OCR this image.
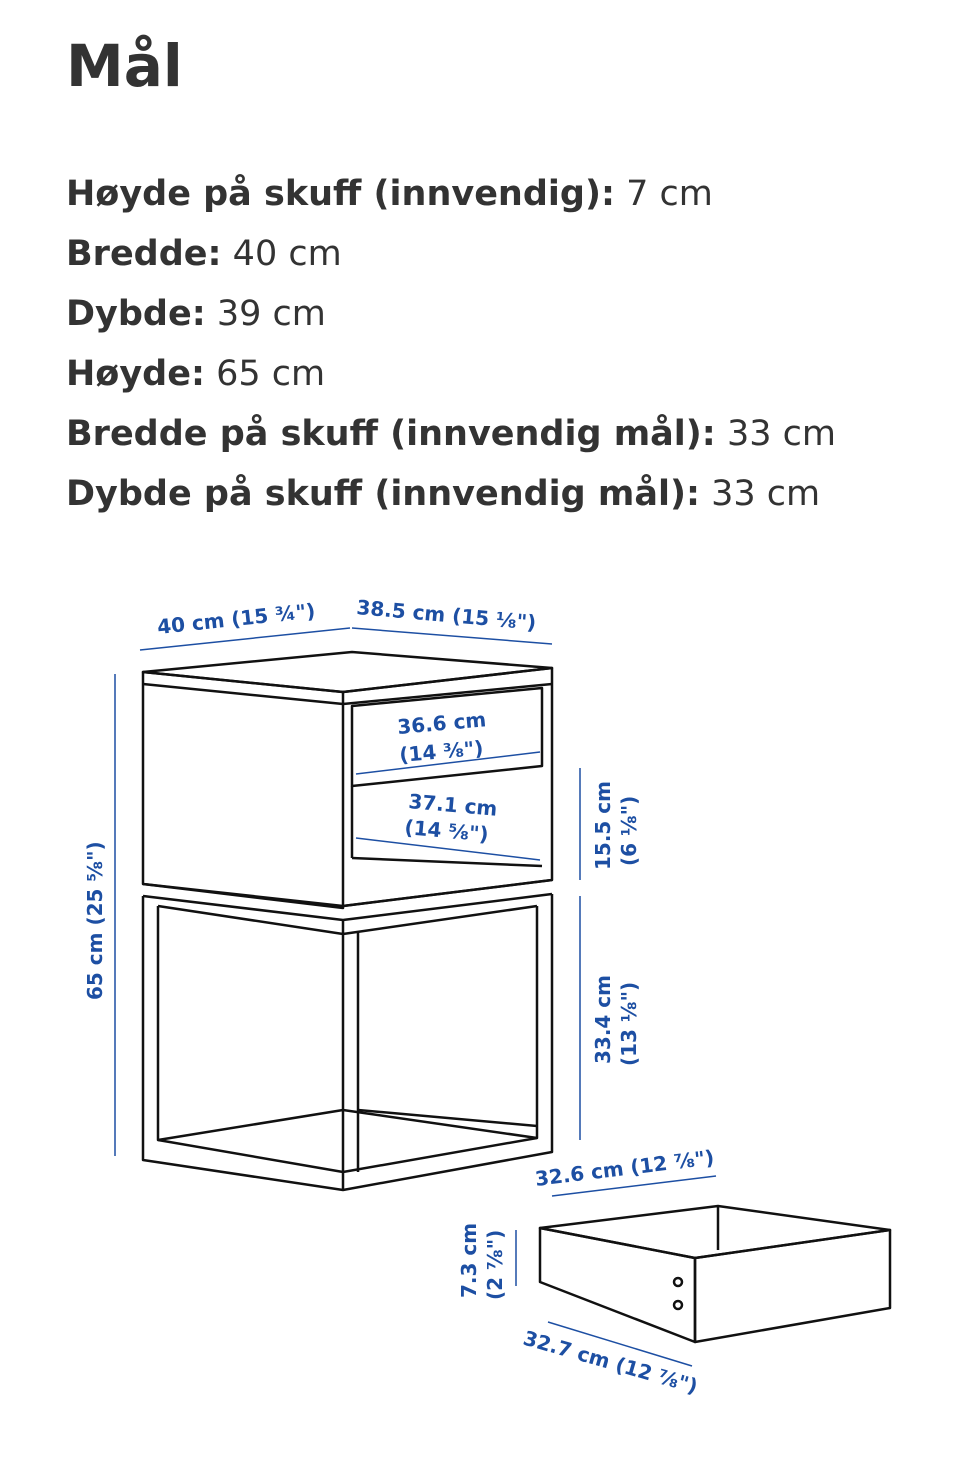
Mål
Høyde på skuff (innvendig): 7 cm
Bredde: 40 cm
Dybde: 39 cm
Høyde: 65 cm
Bredde på skuff (innvendig mål): 33 cm
Dybde på skuff (innvendig mål): 33 cm
40 cm (15 ¾") 38.5 cm (15 ⅛")
36.6 cm
(14 ⅜")
37.1 cm
(14 ⅝")
65 cm (25 ⅝")
15.5 cm (6 ⅛")
33.4 cm (13 ⅛")
32.6 cm (12 ⅞")
7.3 cm (2 ⅞")
32.7 cm (12 ⅞")
